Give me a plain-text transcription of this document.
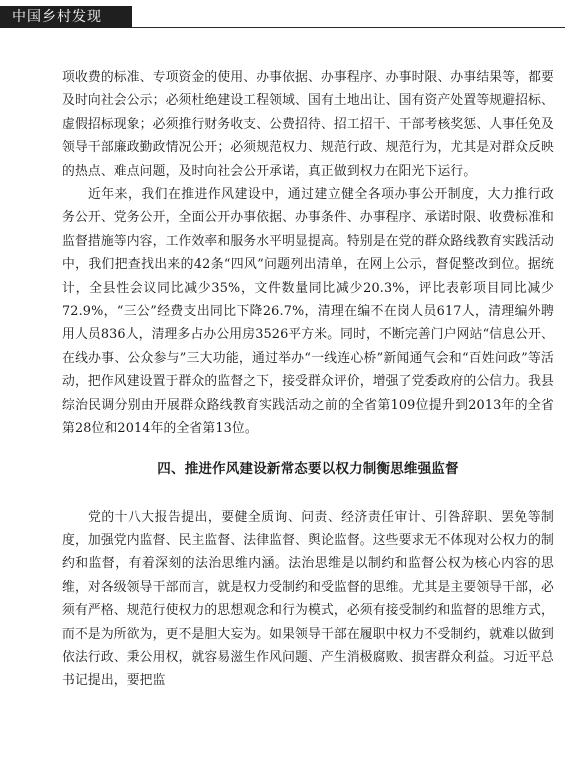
中国乡村发现

项收费的标准、专项资金的使用、办事依据、办事程序、办事时限、办事结果等，都要及时向社会公示；必须杜绝建设工程领域、国有土地出让、国有资产处置等规避招标、虚假招标现象；必须推行财务收支、公费招待、招工招干、干部考核奖惩、人事任免及领导干部廉政勤政情况公开；必须规范权力、规范行政、规范行为，尤其是对群众反映的热点、难点问题，及时向社会公开承诺，真正做到权力在阳光下运行。

近年来，我们在推进作风建设中，通过建立健全各项办事公开制度，大力推行政务公开、党务公开，全面公开办事依据、办事条件、办事程序、承诺时限、收费标准和监督措施等内容，工作效率和服务水平明显提高。特别是在党的群众路线教育实践活动中，我们把查找出来的42条“四风”问题列出清单，在网上公示，督促整改到位。据统计，全县性会议同比减少35%，文件数量同比减少20.3%，评比表彰项目同比减少72.9%，“三公”经费支出同比下降26.7%，清理在编不在岗人员617人，清理编外聘用人员836人，清理多占办公用房3526平方米。同时，不断完善门户网站“信息公开、在线办事、公众参与”三大功能，通过举办“一线连心桥”新闻通气会和“百姓问政”等活动，把作风建设置于群众的监督之下，接受群众评价，增强了党委政府的公信力。我县综治民调分别由开展群众路线教育实践活动之前的全省第109位提升到2013年的全省第28位和2014年的全省第13位。

四、推进作风建设新常态要以权力制衡思维强监督

党的十八大报告提出，要健全质询、问责、经济责任审计、引咎辞职、罢免等制度，加强党内监督、民主监督、法律监督、舆论监督。这些要求无不体现对公权力的制约和监督，有着深刻的法治思维内涵。法治思维是以制约和监督公权为核心内容的思维，对各级领导干部而言，就是权力受制约和受监督的思维。尤其是主要领导干部，必须有严格、规范行使权力的思想观念和行为模式，必须有接受制约和监督的思维方式，而不是为所欲为，更不是胆大妄为。如果领导干部在履职中权力不受制约，就难以做到依法行政、秉公用权，就容易滋生作风问题、产生消极腐败、损害群众利益。习近平总书记提出，要把监
